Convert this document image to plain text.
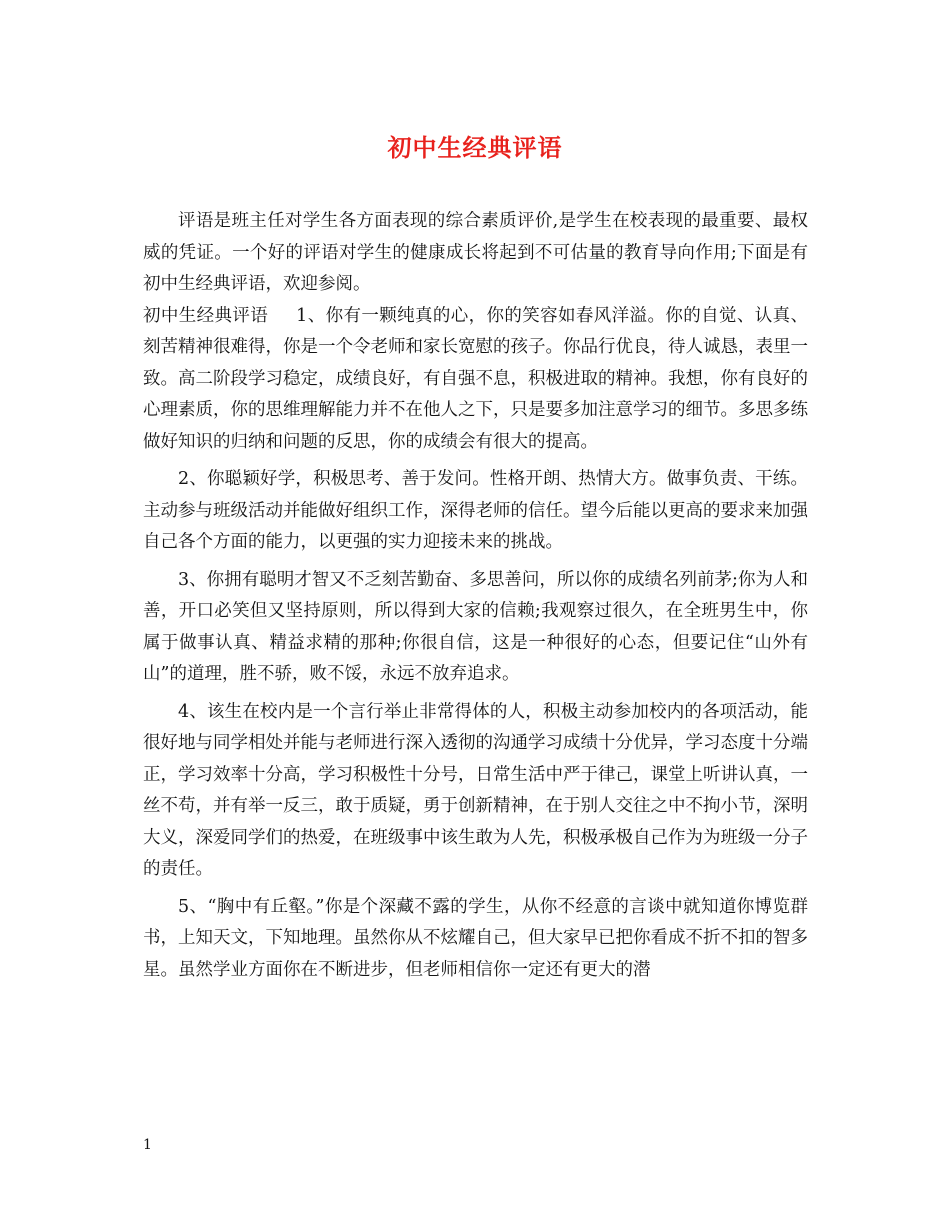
初中生经典评语

评语是班主任对学生各方面表现的综合素质评价,是学生在校表现的最重要、最权威的凭证。一个好的评语对学生的健康成长将起到不可估量的教育导向作用;下面是有初中生经典评语，欢迎参阅。

初中生经典评语 1、你有一颗纯真的心，你的笑容如春风洋溢。你的自觉、认真、刻苦精神很难得，你是一个令老师和家长宽慰的孩子。你品行优良，待人诚恳，表里一致。高二阶段学习稳定，成绩良好，有自强不息，积极进取的精神。我想，你有良好的心理素质，你的思维理解能力并不在他人之下，只是要多加注意学习的细节。多思多练做好知识的归纳和问题的反思，你的成绩会有很大的提高。

2、你聪颖好学，积极思考、善于发问。性格开朗、热情大方。做事负责、干练。主动参与班级活动并能做好组织工作，深得老师的信任。望今后能以更高的要求来加强自己各个方面的能力，以更强的实力迎接未来的挑战。

3、你拥有聪明才智又不乏刻苦勤奋、多思善问，所以你的成绩名列前茅;你为人和善，开口必笑但又坚持原则，所以得到大家的信赖;我观察过很久，在全班男生中，你属于做事认真、精益求精的那种;你很自信，这是一种很好的心态，但要记住“山外有山”的道理，胜不骄，败不馁，永远不放弃追求。

4、该生在校内是一个言行举止非常得体的人，积极主动参加校内的各项活动，能很好地与同学相处并能与老师进行深入透彻的沟通学习成绩十分优异，学习态度十分端正，学习效率十分高，学习积极性十分号，日常生活中严于律己，课堂上听讲认真，一丝不苟，并有举一反三，敢于质疑，勇于创新精神，在于别人交往之中不拘小节，深明大义，深爱同学们的热爱，在班级事中该生敢为人先，积极承极自己作为为班级一分子的责任。

5、“胸中有丘壑。”你是个深藏不露的学生，从你不经意的言谈中就知道你博览群书，上知天文，下知地理。虽然你从不炫耀自己，但大家早已把你看成不折不扣的智多星。虽然学业方面你在不断进步，但老师相信你一定还有更大的潜

1
